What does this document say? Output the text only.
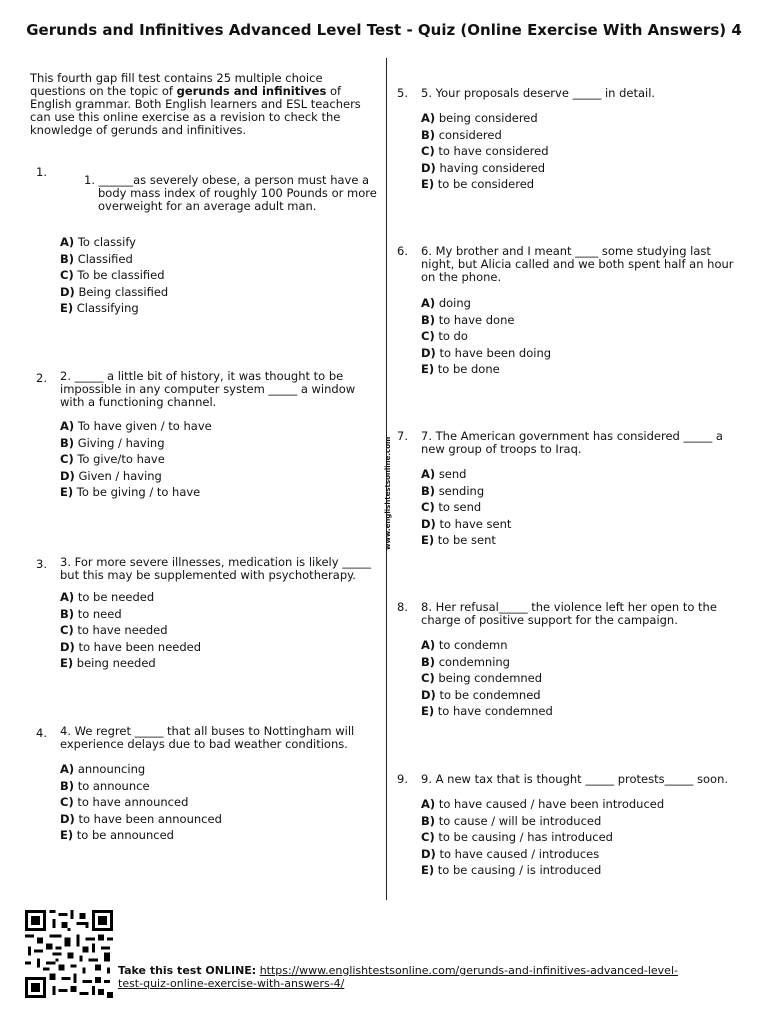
Gerunds and Infinitives Advanced Level Test - Quiz (Online Exercise With Answers) 4
www.englishtestsonline.com
This fourth gap fill test contains 25 multiple choice questions on the topic of gerunds and infinitives of English grammar. Both English learners and ESL teachers can use this online exercise as a revision to check the knowledge of gerunds and infinitives.
1.
1. ______as severely obese, a person must have a body mass index of roughly 100 Pounds or more overweight for an average adult man.
A) To classify
B) Classified
C) To be classified
D) Being classified
E) Classifying
2. 2. _____ a little bit of history, it was thought to be impossible in any computer system _____ a window with a functioning channel.
A) To have given / to have
B) Giving / having
C) To give/to have
D) Given / having
E) To be giving / to have
3. 3. For more severe illnesses, medication is likely _____ but this may be supplemented with psychotherapy.
A) to be needed
B) to need
C) to have needed
D) to have been needed
E) being needed
4. 4. We regret _____ that all buses to Nottingham will experience delays due to bad weather conditions.
A) announcing
B) to announce
C) to have announced
D) to have been announced
E) to be announced
5. 5. Your proposals deserve _____ in detail.
A) being considered
B) considered
C) to have considered
D) having considered
E) to be considered
6. 6. My brother and I meant ____ some studying last night, but Alicia called and we both spent half an hour on the phone.
A) doing
B) to have done
C) to do
D) to have been doing
E) to be done
7. 7. The American government has considered _____ a new group of troops to Iraq.
A) send
B) sending
C) to send
D) to have sent
E) to be sent
8. 8. Her refusal_____ the violence left her open to the charge of positive support for the campaign.
A) to condemn
B) condemning
C) being condemned
D) to be condemned
E) to have condemned
9. 9. A new tax that is thought _____ protests_____ soon.
A) to have caused / have been introduced
B) to cause / will be introduced
C) to be causing / has introduced
D) to have caused / introduces
E) to be causing / is introduced
Take this test ONLINE: https://www.englishtestsonline.com/gerunds-and-infinitives-advanced-level-test-quiz-online-exercise-with-answers-4/
